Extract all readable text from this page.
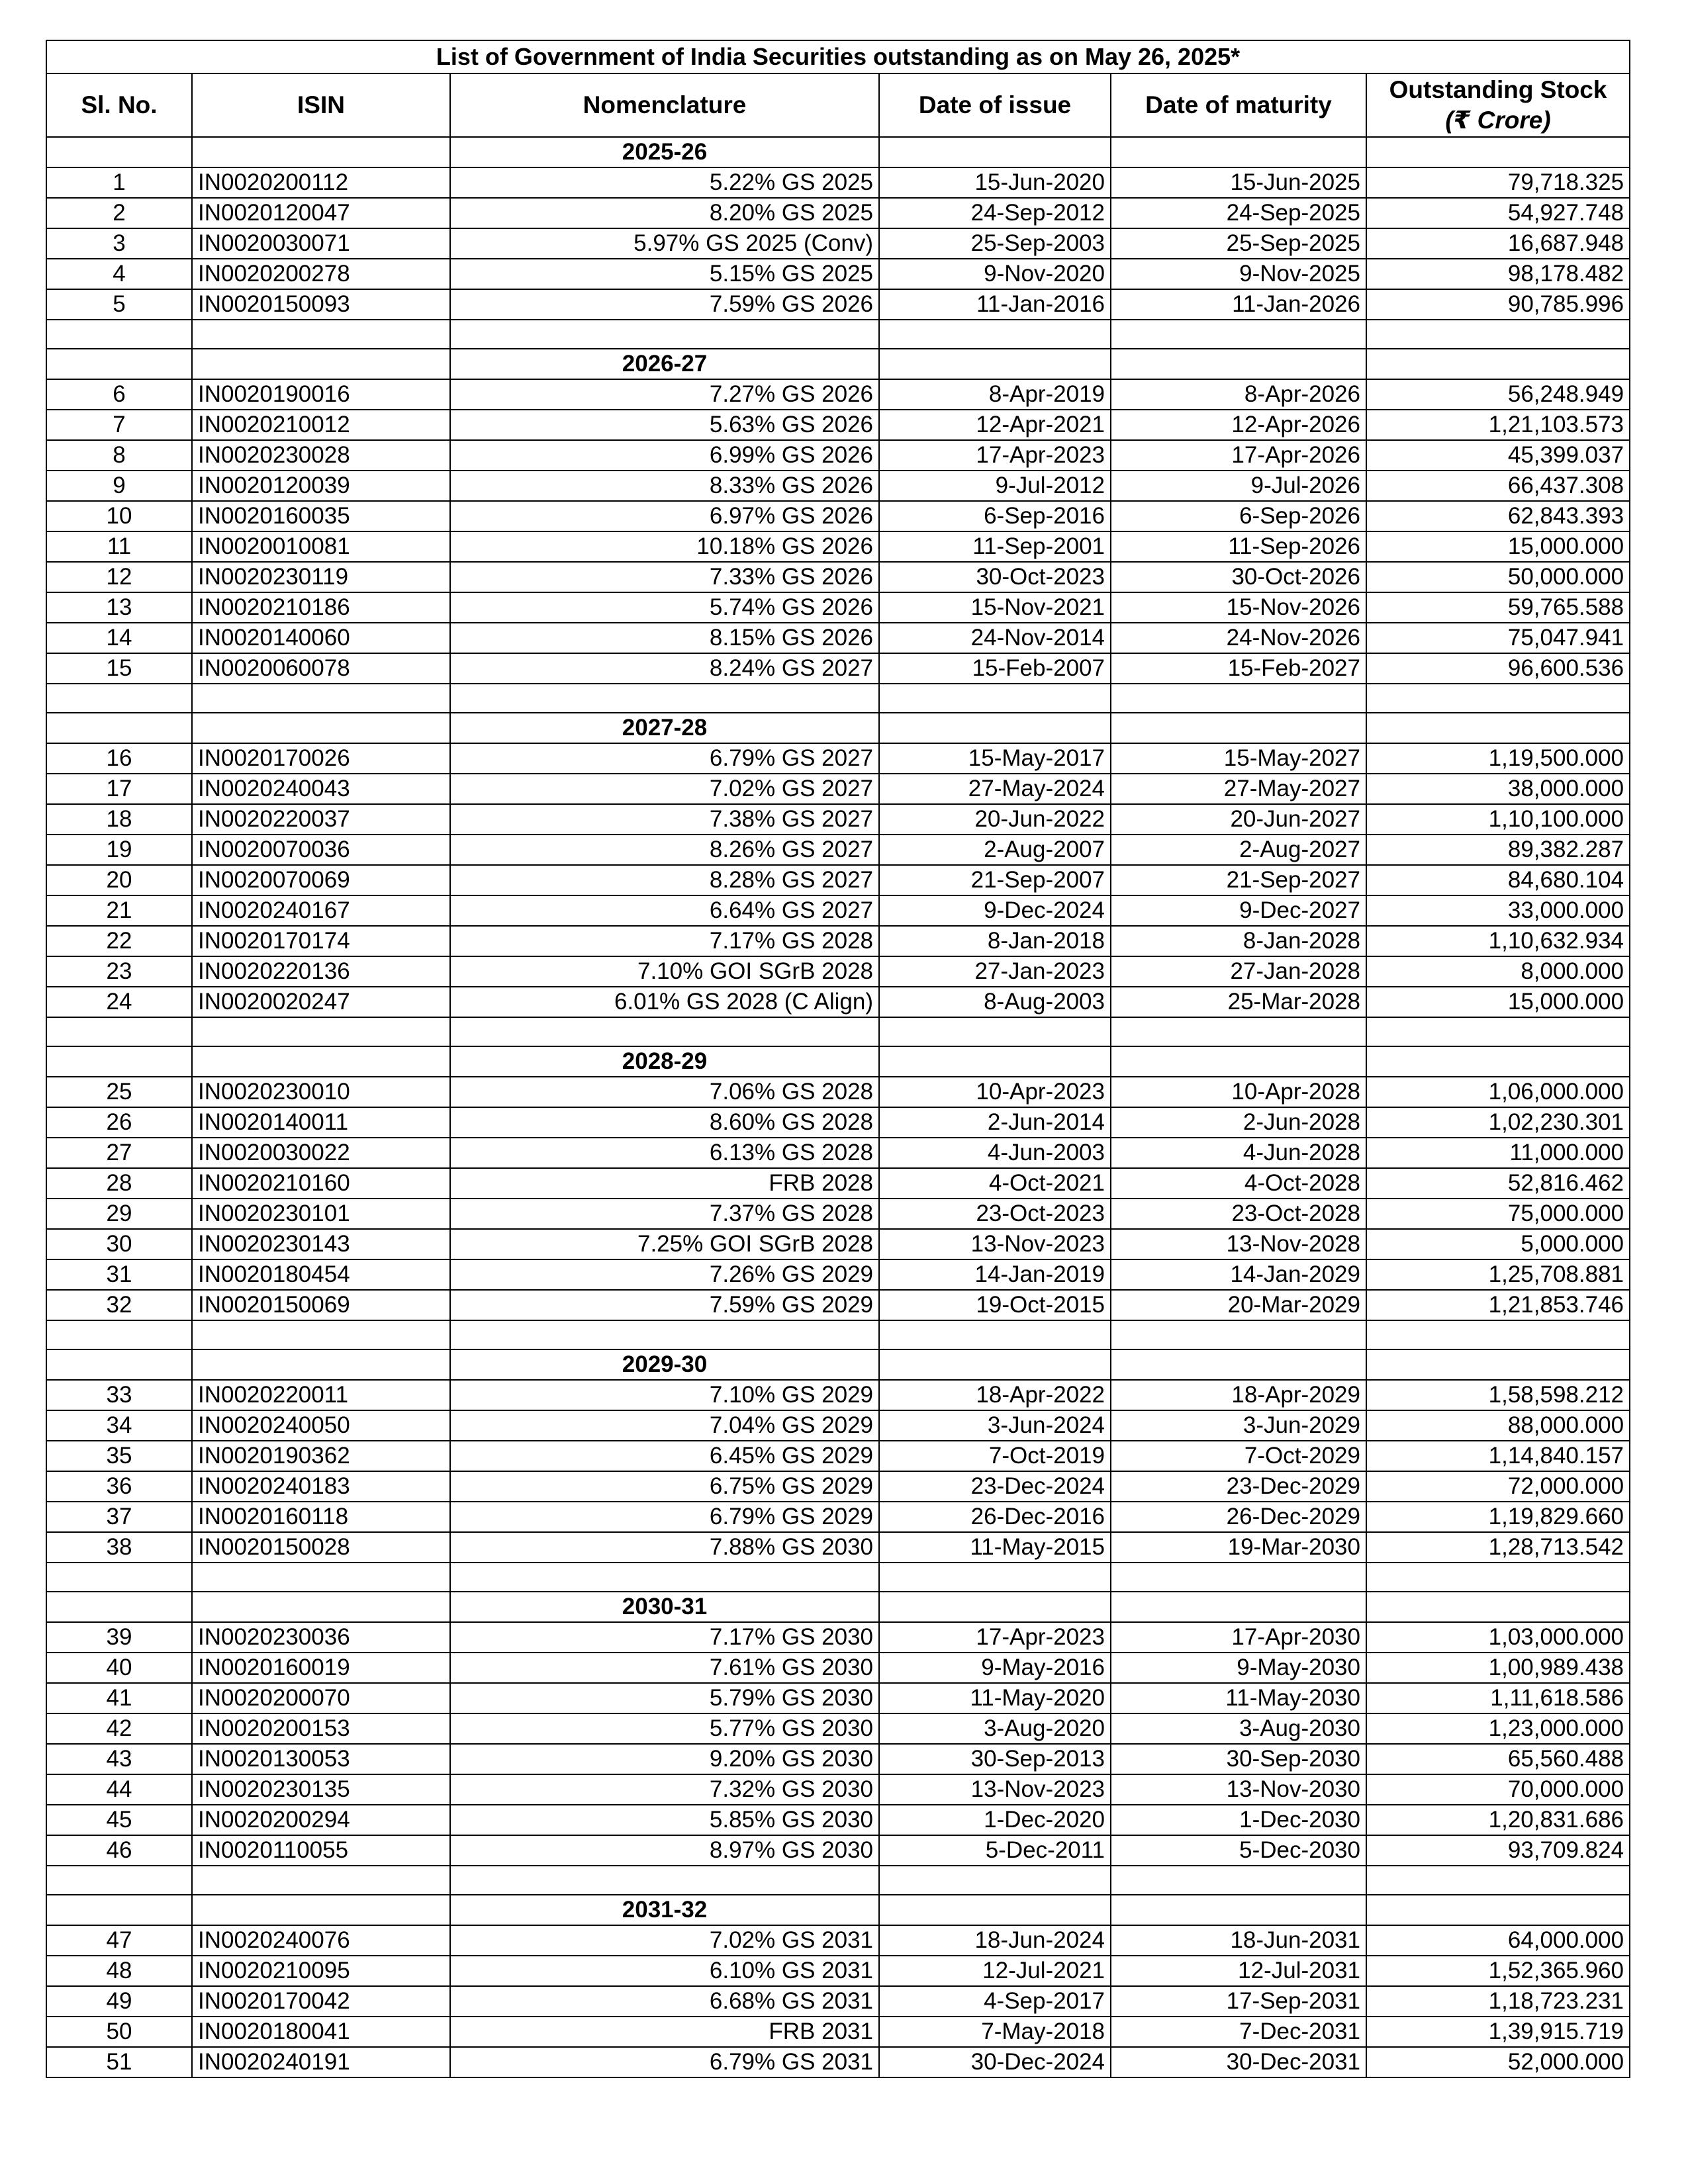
List of Government of India Securities outstanding as on May 26, 2025*					
Sl. No.	ISIN	Nomenclature	Date of issue	Date of maturity	Outstanding Stock
(₹ Crore)
		2025-26			
1	IN0020200112	5.22% GS 2025	15-Jun-2020	15-Jun-2025	79,718.325
2	IN0020120047	8.20% GS 2025	24-Sep-2012	24-Sep-2025	54,927.748
3	IN0020030071	5.97% GS 2025 (Conv)	25-Sep-2003	25-Sep-2025	16,687.948
4	IN0020200278	5.15% GS 2025	9-Nov-2020	9-Nov-2025	98,178.482
5	IN0020150093	7.59% GS 2026	11-Jan-2016	11-Jan-2026	90,785.996

		2026-27			
6	IN0020190016	7.27% GS 2026	8-Apr-2019	8-Apr-2026	56,248.949
7	IN0020210012	5.63% GS 2026	12-Apr-2021	12-Apr-2026	1,21,103.573
8	IN0020230028	6.99% GS 2026	17-Apr-2023	17-Apr-2026	45,399.037
9	IN0020120039	8.33% GS 2026	9-Jul-2012	9-Jul-2026	66,437.308
10	IN0020160035	6.97% GS 2026	6-Sep-2016	6-Sep-2026	62,843.393
11	IN0020010081	10.18% GS 2026	11-Sep-2001	11-Sep-2026	15,000.000
12	IN0020230119	7.33% GS 2026	30-Oct-2023	30-Oct-2026	50,000.000
13	IN0020210186	5.74% GS 2026	15-Nov-2021	15-Nov-2026	59,765.588
14	IN0020140060	8.15% GS 2026	24-Nov-2014	24-Nov-2026	75,047.941
15	IN0020060078	8.24% GS 2027	15-Feb-2007	15-Feb-2027	96,600.536

		2027-28			
16	IN0020170026	6.79% GS 2027	15-May-2017	15-May-2027	1,19,500.000
17	IN0020240043	7.02% GS 2027	27-May-2024	27-May-2027	38,000.000
18	IN0020220037	7.38% GS 2027	20-Jun-2022	20-Jun-2027	1,10,100.000
19	IN0020070036	8.26% GS 2027	2-Aug-2007	2-Aug-2027	89,382.287
20	IN0020070069	8.28% GS 2027	21-Sep-2007	21-Sep-2027	84,680.104
21	IN0020240167	6.64% GS 2027	9-Dec-2024	9-Dec-2027	33,000.000
22	IN0020170174	7.17% GS 2028	8-Jan-2018	8-Jan-2028	1,10,632.934
23	IN0020220136	7.10% GOI SGrB 2028	27-Jan-2023	27-Jan-2028	8,000.000
24	IN0020020247	6.01% GS 2028 (C Align)	8-Aug-2003	25-Mar-2028	15,000.000

		2028-29			
25	IN0020230010	7.06% GS 2028	10-Apr-2023	10-Apr-2028	1,06,000.000
26	IN0020140011	8.60% GS 2028	2-Jun-2014	2-Jun-2028	1,02,230.301
27	IN0020030022	6.13% GS 2028	4-Jun-2003	4-Jun-2028	11,000.000
28	IN0020210160	FRB 2028	4-Oct-2021	4-Oct-2028	52,816.462
29	IN0020230101	7.37% GS 2028	23-Oct-2023	23-Oct-2028	75,000.000
30	IN0020230143	7.25% GOI SGrB 2028	13-Nov-2023	13-Nov-2028	5,000.000
31	IN0020180454	7.26% GS 2029	14-Jan-2019	14-Jan-2029	1,25,708.881
32	IN0020150069	7.59% GS 2029	19-Oct-2015	20-Mar-2029	1,21,853.746

		2029-30			
33	IN0020220011	7.10% GS 2029	18-Apr-2022	18-Apr-2029	1,58,598.212
34	IN0020240050	7.04% GS 2029	3-Jun-2024	3-Jun-2029	88,000.000
35	IN0020190362	6.45% GS 2029	7-Oct-2019	7-Oct-2029	1,14,840.157
36	IN0020240183	6.75% GS 2029	23-Dec-2024	23-Dec-2029	72,000.000
37	IN0020160118	6.79% GS 2029	26-Dec-2016	26-Dec-2029	1,19,829.660
38	IN0020150028	7.88% GS 2030	11-May-2015	19-Mar-2030	1,28,713.542

		2030-31			
39	IN0020230036	7.17% GS 2030	17-Apr-2023	17-Apr-2030	1,03,000.000
40	IN0020160019	7.61% GS 2030	9-May-2016	9-May-2030	1,00,989.438
41	IN0020200070	5.79% GS 2030	11-May-2020	11-May-2030	1,11,618.586
42	IN0020200153	5.77% GS 2030	3-Aug-2020	3-Aug-2030	1,23,000.000
43	IN0020130053	9.20% GS 2030	30-Sep-2013	30-Sep-2030	65,560.488
44	IN0020230135	7.32% GS 2030	13-Nov-2023	13-Nov-2030	70,000.000
45	IN0020200294	5.85% GS 2030	1-Dec-2020	1-Dec-2030	1,20,831.686
46	IN0020110055	8.97% GS 2030	5-Dec-2011	5-Dec-2030	93,709.824

		2031-32			
47	IN0020240076	7.02% GS 2031	18-Jun-2024	18-Jun-2031	64,000.000
48	IN0020210095	6.10% GS 2031	12-Jul-2021	12-Jul-2031	1,52,365.960
49	IN0020170042	6.68% GS 2031	4-Sep-2017	17-Sep-2031	1,18,723.231
50	IN0020180041	FRB 2031	7-May-2018	7-Dec-2031	1,39,915.719
51	IN0020240191	6.79% GS 2031	30-Dec-2024	30-Dec-2031	52,000.000
